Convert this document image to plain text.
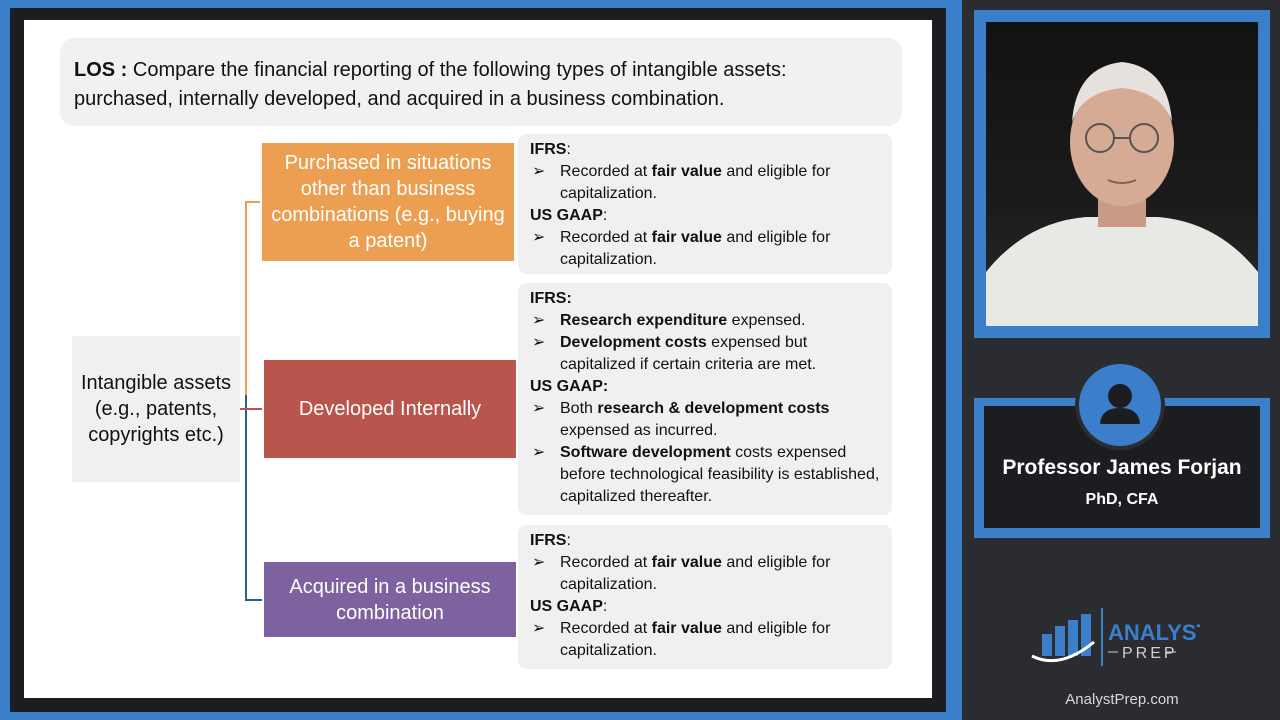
LOS : Compare the financial reporting of the following types of intangible assets: purchased, internally developed, and acquired in a business combination.
Intangible assets (e.g., patents, copyrights etc.)
Purchased in situations other than business combinations (e.g., buying a patent)
Developed Internally
Acquired in a business combination
IFRS:
➢ Recorded at fair value and eligible for capitalization.
US GAAP:
➢ Recorded at fair value and eligible for capitalization.
IFRS:
➢ Research expenditure expensed.
➢ Development costs expensed but capitalized if certain criteria are met.
US GAAP:
➢ Both research & development costs expensed as incurred.
➢ Software development costs expensed before technological feasibility is established, capitalized thereafter.
IFRS:
➢ Recorded at fair value and eligible for capitalization.
US GAAP:
➢ Recorded at fair value and eligible for capitalization.
Professor James Forjan
PhD, CFA
ANALYST
PREP
AnalystPrep.com
